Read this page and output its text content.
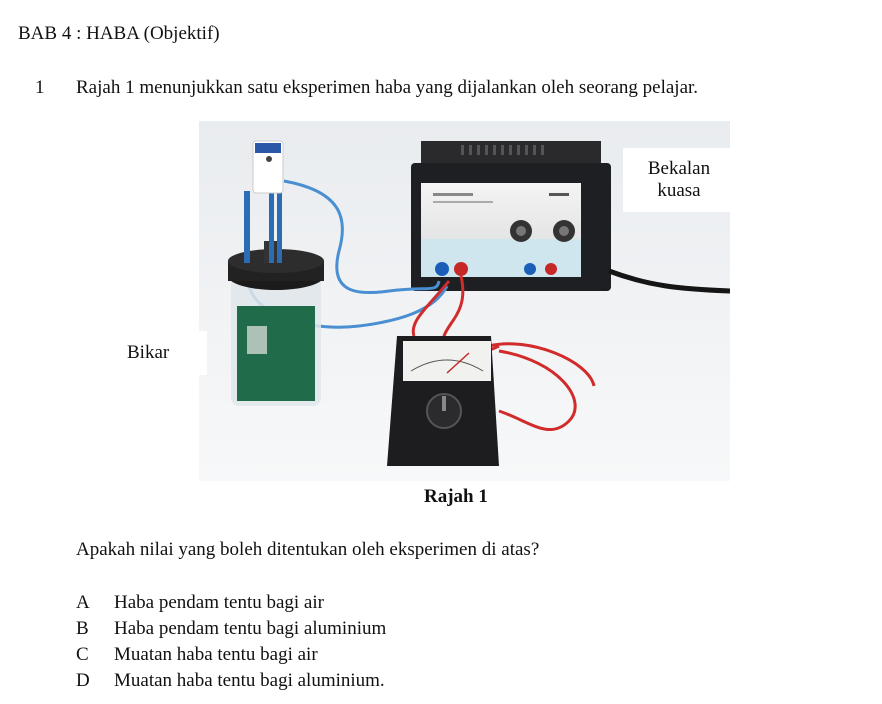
BAB 4 : HABA (Objektif)
1 Rajah 1 menunjukkan satu eksperimen haba yang dijalankan oleh seorang pelajar.
Bekalan
kuasa
Bikar
Rajah 1
Apakah nilai yang boleh ditentukan oleh eksperimen di atas?
A Haba pendam tentu bagi air
B Haba pendam tentu bagi aluminium
C Muatan haba tentu bagi air
D Muatan haba tentu bagi aluminium.
